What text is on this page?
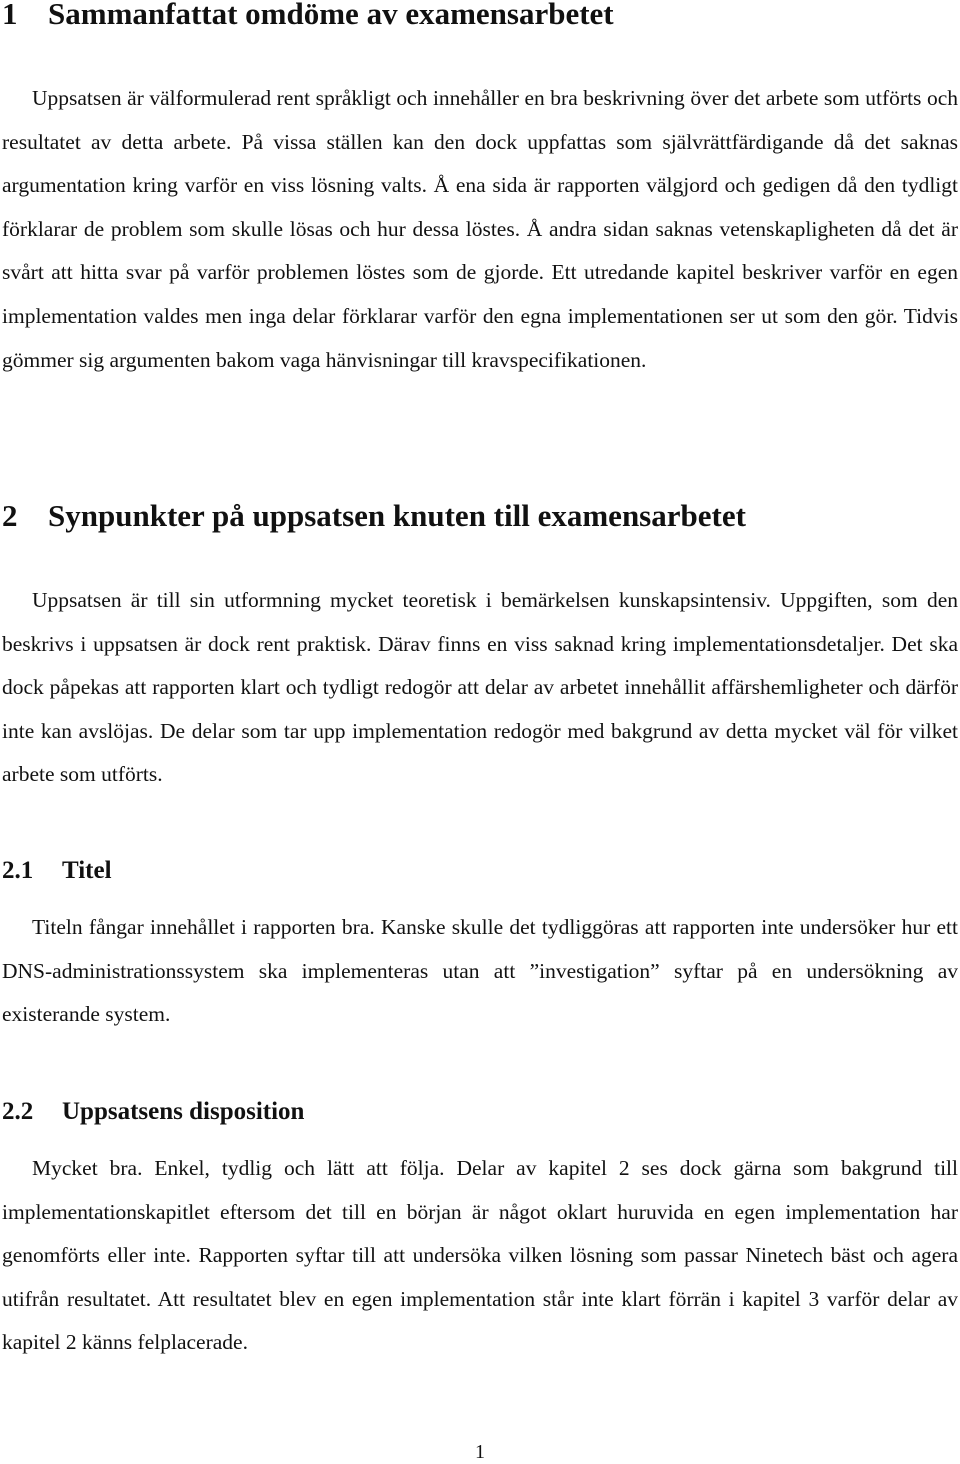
1 Sammanfattat omdöme av examensarbetet

Uppsatsen är välformulerad rent språkligt och innehåller en bra beskrivning över det arbete som utförts och resultatet av detta arbete. På vissa ställen kan den dock uppfattas som självrättfärdigande då det saknas argumentation kring varför en viss lösning valts. Å ena sida är rapporten välgjord och gedigen då den tydligt förklarar de problem som skulle lösas och hur dessa löstes. Å andra sidan saknas vetenskapligheten då det är svårt att hitta svar på varför problemen löstes som de gjorde. Ett utredande kapitel beskriver varför en egen implementation valdes men inga delar förklarar varför den egna implementationen ser ut som den gör. Tidvis gömmer sig argumenten bakom vaga hänvisningar till kravspecifikationen.

2 Synpunkter på uppsatsen knuten till examensarbetet

Uppsatsen är till sin utformning mycket teoretisk i bemärkelsen kunskapsintensiv. Uppgiften, som den beskrivs i uppsatsen är dock rent praktisk. Därav finns en viss saknad kring implementationsdetaljer. Det ska dock påpekas att rapporten klart och tydligt redogör att delar av arbetet innehållit affärshemligheter och därför inte kan avslöjas. De delar som tar upp implementation redogör med bakgrund av detta mycket väl för vilket arbete som utförts.

2.1 Titel

Titeln fångar innehållet i rapporten bra. Kanske skulle det tydliggöras att rapporten inte undersöker hur ett DNS-administrationssystem ska implementeras utan att ”investigation” syftar på en undersökning av existerande system.

2.2 Uppsatsens disposition

Mycket bra. Enkel, tydlig och lätt att följa. Delar av kapitel 2 ses dock gärna som bakgrund till implementationskapitlet eftersom det till en början är något oklart huruvida en egen implementation har genomförts eller inte. Rapporten syftar till att undersöka vilken lösning som passar Ninetech bäst och agera utifrån resultatet. Att resultatet blev en egen implementation står inte klart förrän i kapitel 3 varför delar av kapitel 2 känns felplacerade.

1
